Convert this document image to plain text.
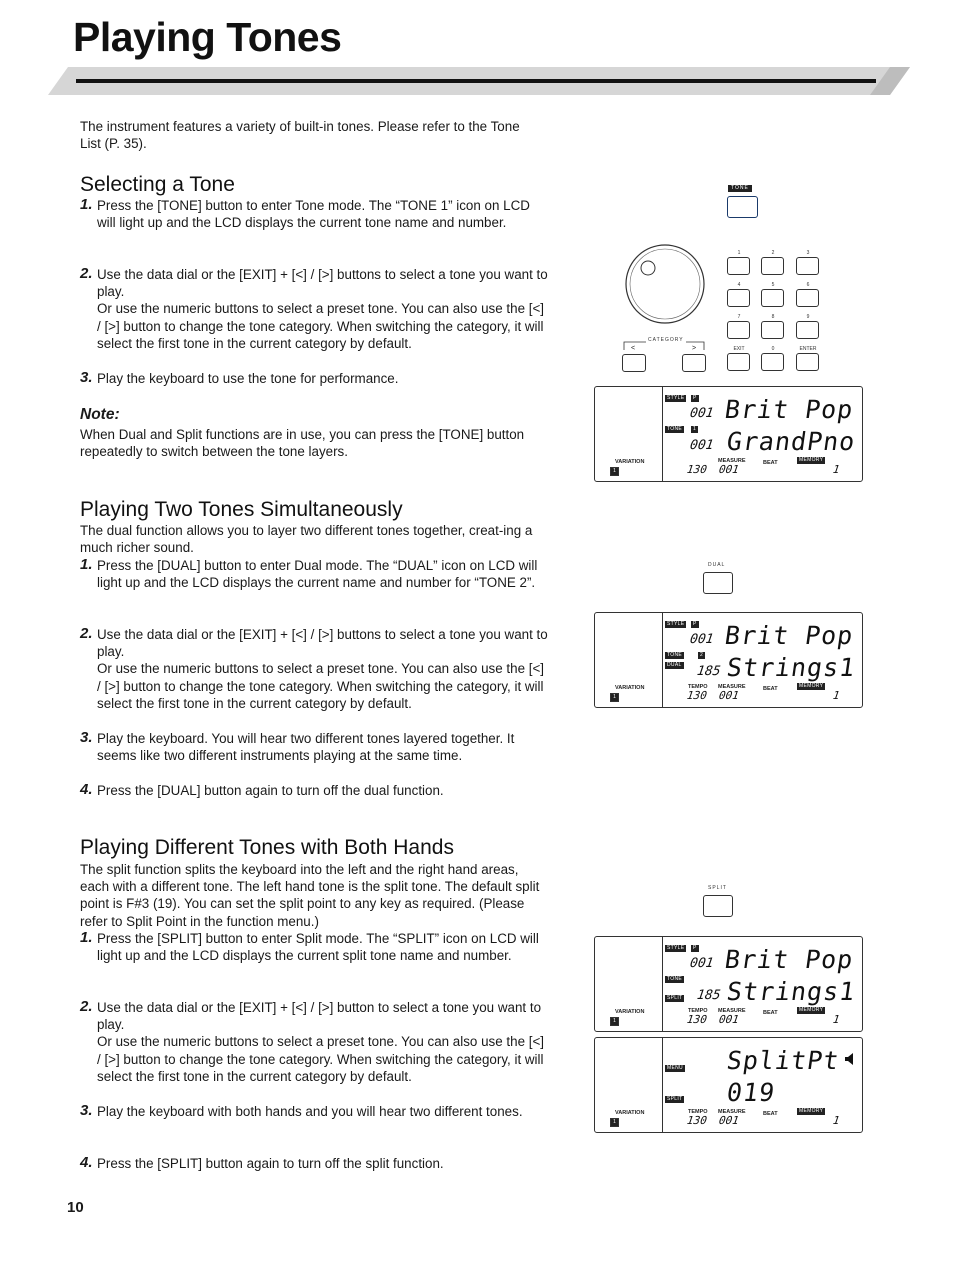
Playing Tones
The instrument features a variety of built-in tones. Please refer to the Tone List (P. 35).
Selecting a Tone
1. Press the [TONE] button to enter Tone mode. The “TONE 1” icon on LCD will light up and the LCD displays the current tone name and number.
2. Use the data dial or the [EXIT] + [<] / [>] buttons to select a tone you want to play.
Or use the numeric buttons to select a preset tone. You can also use the [<] / [>] button to change the tone category. When switching the category, it will select the first tone in the current category by default.
3. Play the keyboard to use the tone for performance.
Note:
When Dual and Split functions are in use, you can press the [TONE] button repeatedly to switch between the tone layers.
Playing Two Tones Simultaneously
The dual function allows you to layer two different tones together, creat-ing a much richer sound.
1. Press the [DUAL] button to enter Dual mode. The “DUAL” icon on LCD will light up and the LCD displays the current name and number for “TONE 2”.
2. Use the data dial or the [EXIT] + [<] / [>] buttons to select a tone you want to play.
Or use the numeric buttons to select a preset tone. You can also use the [<] / [>] button to change the tone category. When switching the category, it will select the first tone in the current category by default.
3. Play the keyboard. You will hear two different tones layered together. It seems like two different instruments playing at the same time.
4. Press the [DUAL] button again to turn off the dual function.
Playing Different Tones with Both Hands
The split function splits the keyboard into the left and the right hand areas, each with a different tone. The left hand tone is the split tone. The default split point is F#3 (19). You can set the split point to any key as required. (Please refer to Split Point in the function menu.)
1. Press the [SPLIT] button to enter Split mode. The “SPLIT” icon on LCD will light up and the LCD displays the current split tone name and number.
2. Use the data dial or the [EXIT] + [<] / [>] button to select a tone you want to play.
Or use the numeric buttons to select a preset tone. You can also use the [<] / [>] button to change the tone category. When switching the category, it will select the first tone in the current category by default.
3. Play the keyboard with both hands and you will hear two different tones.
4. Press the [SPLIT] button again to turn off the split function.
10
TONE
CATEGORY
<	>
1	2	3
4	5	6
7	8	9
EXIT	0	ENTER
STYLE	P
001 Brit Pop
TONE	1
001 GrandPno
VARIATION
1
MEASURE	BEAT	MEMORY
130 001	1
DUAL
STYLE	P
001 Brit Pop
TONE	2
DUAL 185 Strings1
VARIATION
1
TEMPO MEASURE	BEAT	MEMORY
130 001	1
SPLIT
STYLE	P
001 Brit Pop
TONE
SPLIT 185 Strings1
VARIATION
1
TEMPO MEASURE	BEAT	MEMORY
130 001	1
MENU SplitPt
SPLIT 019
VARIATION
1
TEMPO MEASURE	BEAT	MEMORY
130 001	1
